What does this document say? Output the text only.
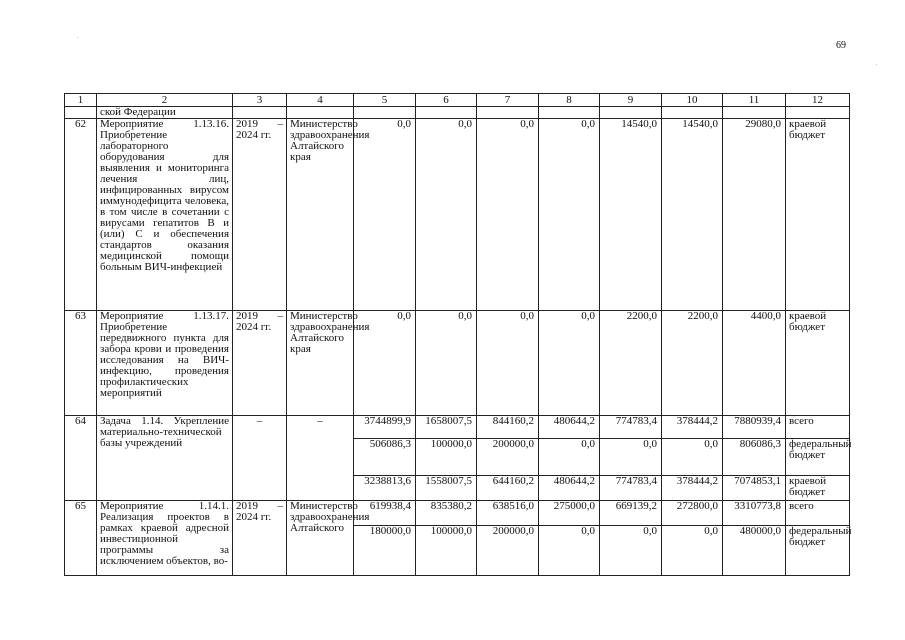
69
1	2	3	4	5	6	7	8	9	10	11	12
	ской Федерации										
62	Мероприятие 1.13.16. Приобретение лабораторного оборудования для выявления и мониторинга лечения лиц, инфицированных вирусом иммунодефицита человека, в том числе в сочетании с вирусами гепатитов B и (или) C и обеспечения стандартов оказания медицинской помощи больным ВИЧ-инфекцией	2019 – 2024 гг.	Министерство здравоохранения Алтайского края	0,0	0,0	0,0	0,0	14540,0	14540,0	29080,0	краевой бюджет
63	Мероприятие 1.13.17. Приобретение передвижного пункта для забора крови и проведения исследования на ВИЧ-инфекцию, проведения профилактических мероприятий	2019 – 2024 гг.	Министерство здравоохранения Алтайского края	0,0	0,0	0,0	0,0	2200,0	2200,0	4400,0	краевой бюджет
64	Задача 1.14. Укрепление материально-технической базы учреждений	–	–	3744899,9	1658007,5	844160,2	480644,2	774783,4	378444,2	7880939,4	всего
				506086,3	100000,0	200000,0	0,0	0,0	0,0	806086,3	федеральный бюджет
				3238813,6	1558007,5	644160,2	480644,2	774783,4	378444,2	7074853,1	краевой бюджет
65	Мероприятие 1.14.1. Реализация проектов в рамках краевой адресной инвестиционной программы за исключением объектов, во-	2019 – 2024 гг.	Министерство здравоохранения Алтайского	619938,4	835380,2	638516,0	275000,0	669139,2	272800,0	3310773,8	всего
				180000,0	100000,0	200000,0	0,0	0,0	0,0	480000,0	федеральный бюджет
